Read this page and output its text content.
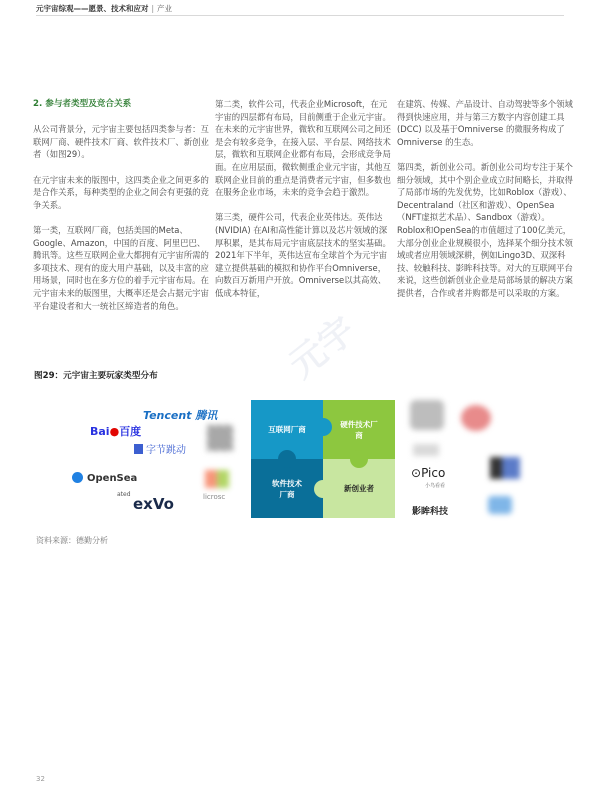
元宇宙综观——愿景、技术和应对 | 产业

2. 参与者类型及竞合关系

从公司背景分，元宇宙主要包括四类参与者：互联网厂商、硬件技术厂商、软件技术厂、新创业者（如图29）。

在元宇宙未来的版图中，这四类企业之间更多的是合作关系，每种类型的企业之间会有更强的竞争关系。

第一类，互联网厂商，包括美国的Meta、Google、Amazon，中国的百度、阿里巴巴、腾讯等。这些互联网企业大都拥有元宇宙所需的多项技术、现有的庞大用户基础，以及丰富的应用场景，同时也在多方位的着手元宇宙布局。在元宇宙未来的版图里，大概率还是会占据元宇宙平台建设者和大一统社区缔造者的角色。

第二类，软件公司，代表企业Microsoft，在元宇宙的四层都有布局，目前侧重于企业元宇宙。在未来的元宇宙世界，微软和互联网公司之间还是会有较多竞争，在接入层、平台层、网络技术层，微软和互联网企业都有布局，会形成竞争局面。在应用层面，微软侧重企业元宇宙，其他互联网企业目前的重点是消费者元宇宙，但多数也在服务企业市场，未来的竞争会趋于激烈。

第三类，硬件公司，代表企业英伟达。英伟达 (NVIDIA) 在AI和高性能计算以及芯片领域的深厚积累，是其布局元宇宙底层技术的坚实基础。2021年下半年，英伟达宣布全球首个为元宇宙建立提供基础的模拟和协作平台Omniverse，向数百万新用户开放。Omniverse以其高效、低成本特征，

在建筑、传媒、产品设计、自动驾驶等多个领域得到快速应用，并与第三方数字内容创建工具 (DCC) 以及基于Omniverse 的微服务构成了Omniverse 的生态。

第四类，新创业公司。新创业公司均专注于某个细分领域，其中个别企业成立时间略长，并取得了局部市场的先发优势，比如Roblox（游戏）、Decentraland（社区和游戏）、OpenSea（NFT虚拟艺术品）、Sandbox（游戏）。Roblox和OpenSea的市值超过了100亿美元，大部分创业企业规模很小，选择某个细分技术领域或者应用领域深耕，例如Lingo3D、双深科技、较触科技、影眸科技等。对大的互联网平台来说，这些创新创业企业是局部场景的解决方案提供者，合作或者并购都是可以采取的方案。

图29：元宇宙主要玩家类型分布	元宇
Tencent 腾讯
Bai●百度
字节跳动
OpenSea
ated
exVo	licrosc
⊙Pico
小鸟看看
影眸科技
互联网厂商
硬件技术厂商
软件技术厂商
新创业者
资料来源：德勤分析
32
